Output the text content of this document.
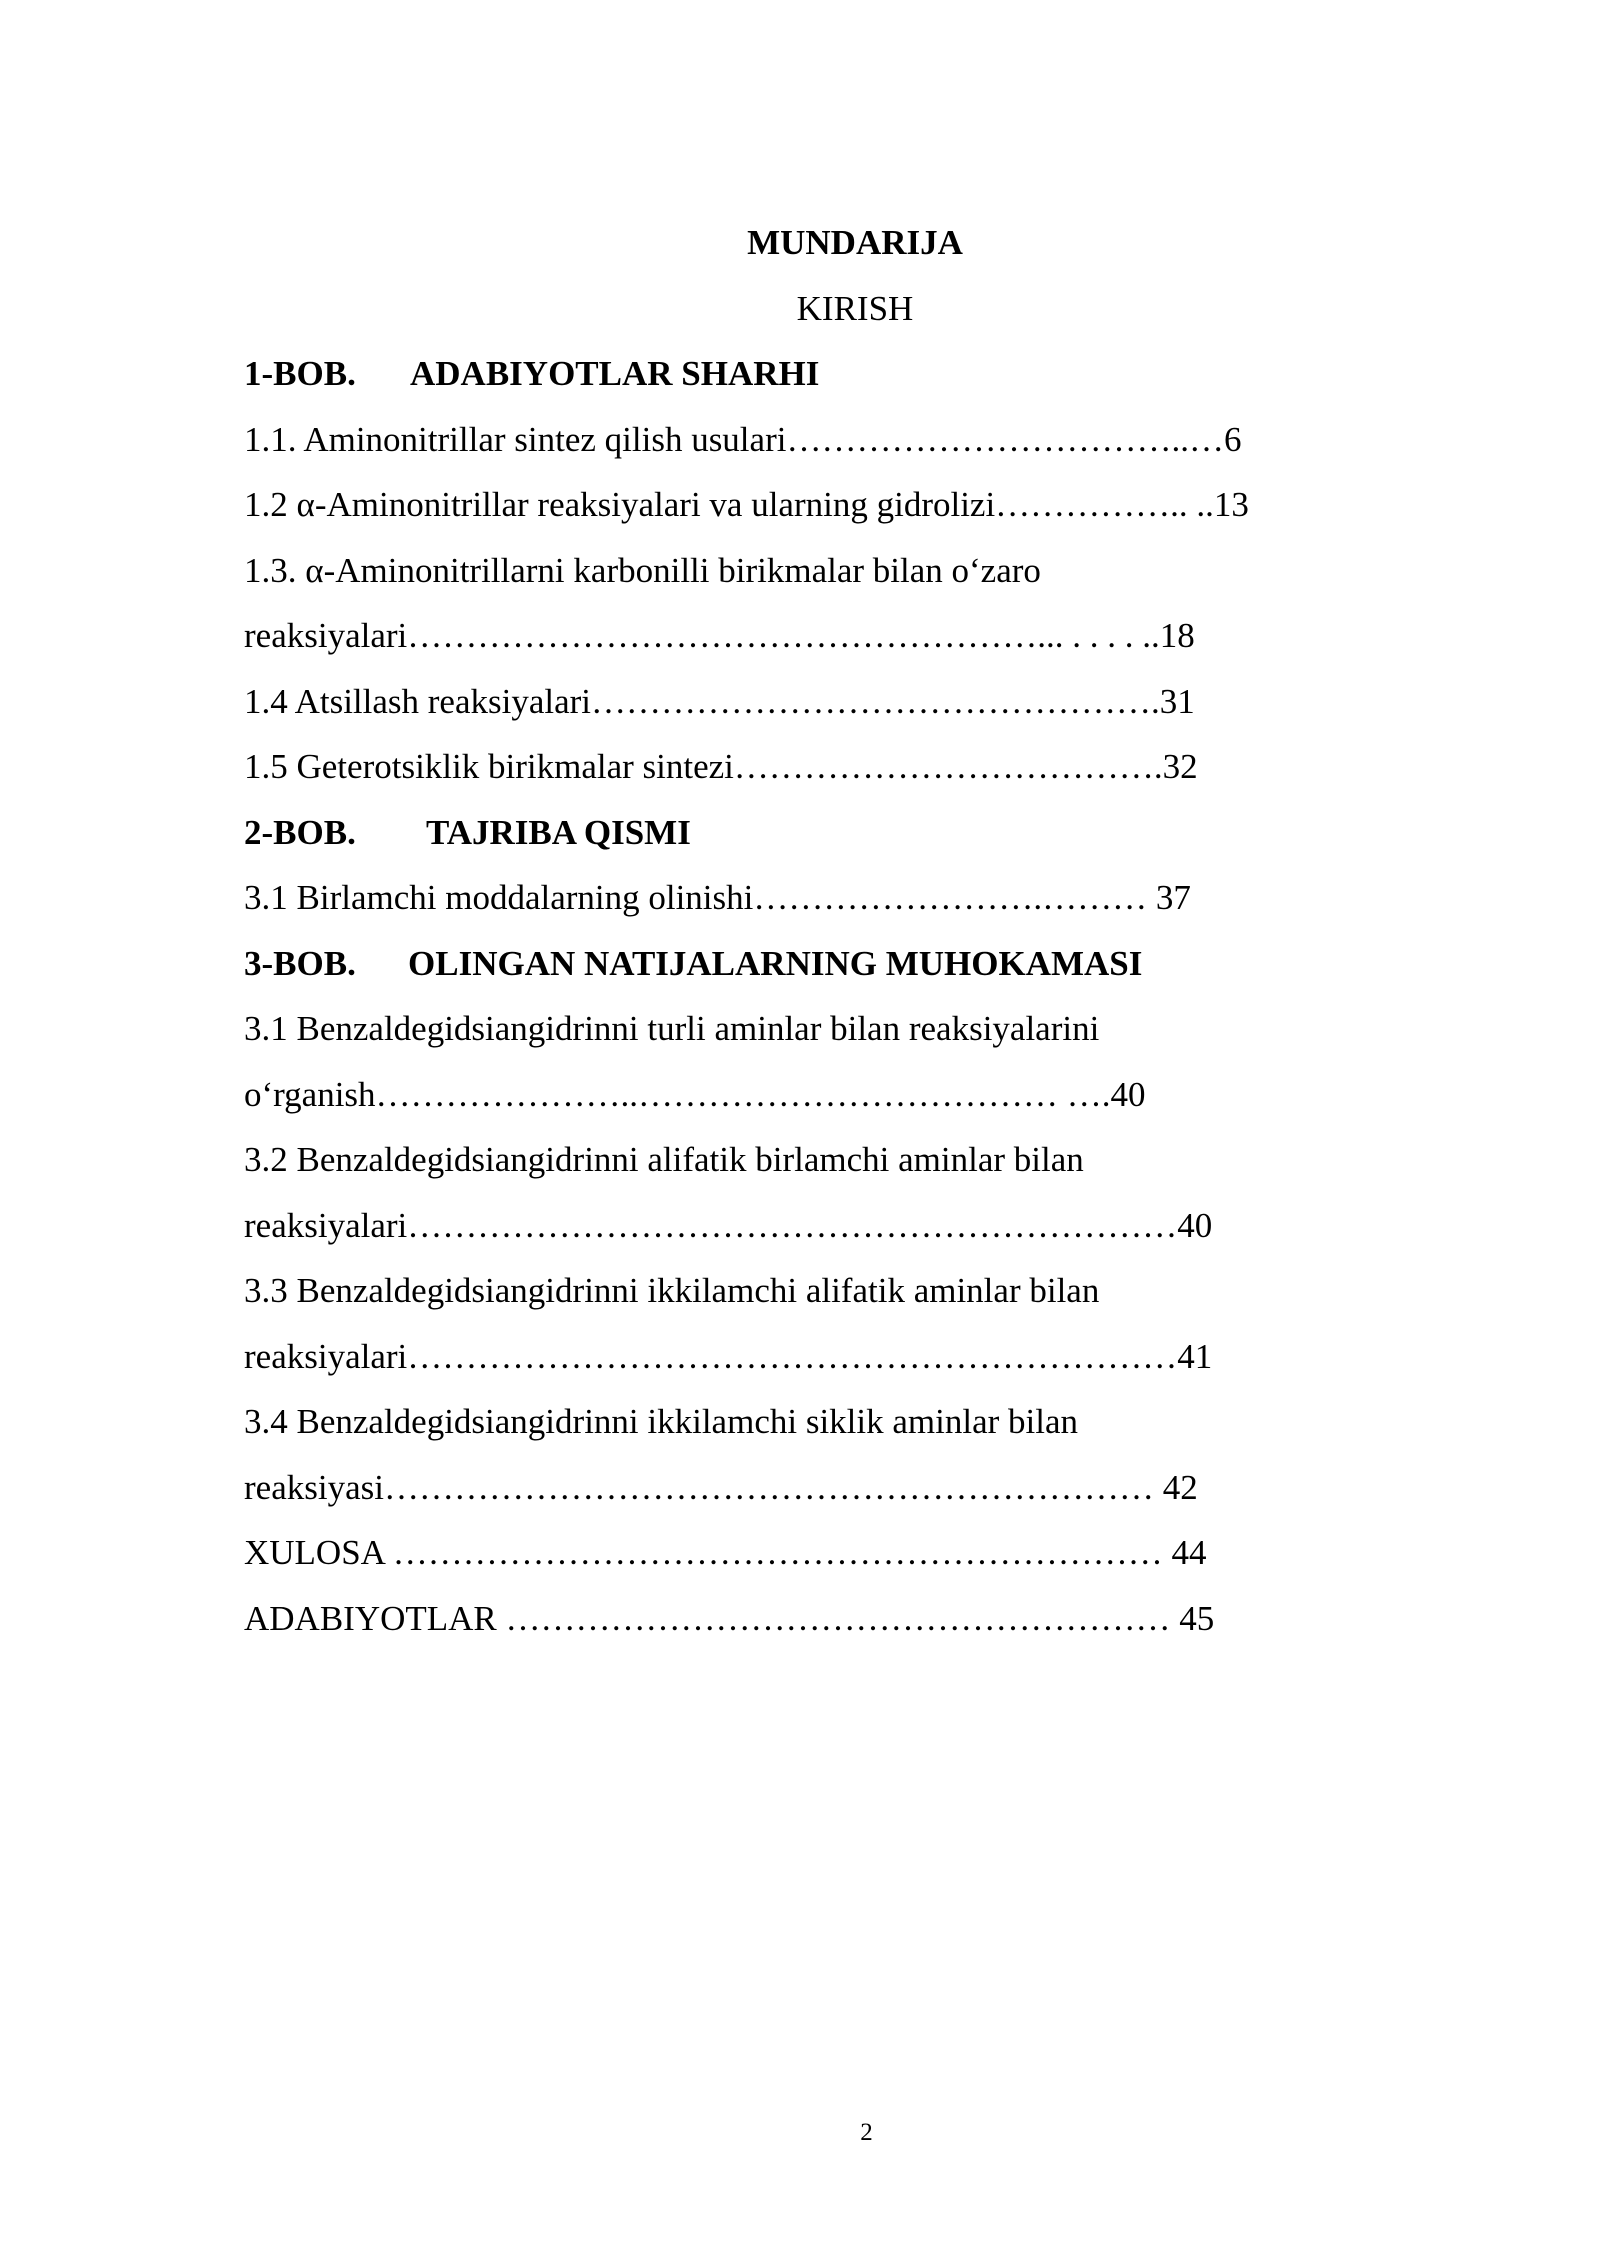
MUNDARIJA
KIRISH
1-BOB. ADABIYOTLAR SHARHI
1.1. Aminonitrillar sintez qilish usulari……………………………..…6
1.2 α-Aminonitrillar reaksiyalari va ularning gidrolizi…………….. ..13
1.3. α-Aminonitrillarni karbonilli birikmalar bilan o‘zaro
reaksiyalari………………………………………………... . . . . ..18
1.4 Atsillash reaksiyalari………………………………………….31
1.5 Geterotsiklik birikmalar sintezi……………………………….32
2-BOB. TAJRIBA QISMI
3.1 Birlamchi moddalarning olinishi…………………….……… 37
3-BOB. OLINGAN NATIJALARNING MUHOKAMASI
3.1 Benzaldegidsiangidrinni turli aminlar bilan reaksiyalarini
o‘rganish…………………..……………………………… ….40
3.2 Benzaldegidsiangidrinni alifatik birlamchi aminlar bilan
reaksiyalari…………………………………………………………40
3.3 Benzaldegidsiangidrinni ikkilamchi alifatik aminlar bilan
reaksiyalari…………………………………………………………41
3.4 Benzaldegidsiangidrinni ikkilamchi siklik aminlar bilan
reaksiyasi………………………………………………………… 42
XULOSA ………………………………………………………… 44
ADABIYOTLAR ………………………………………………… 45
2
